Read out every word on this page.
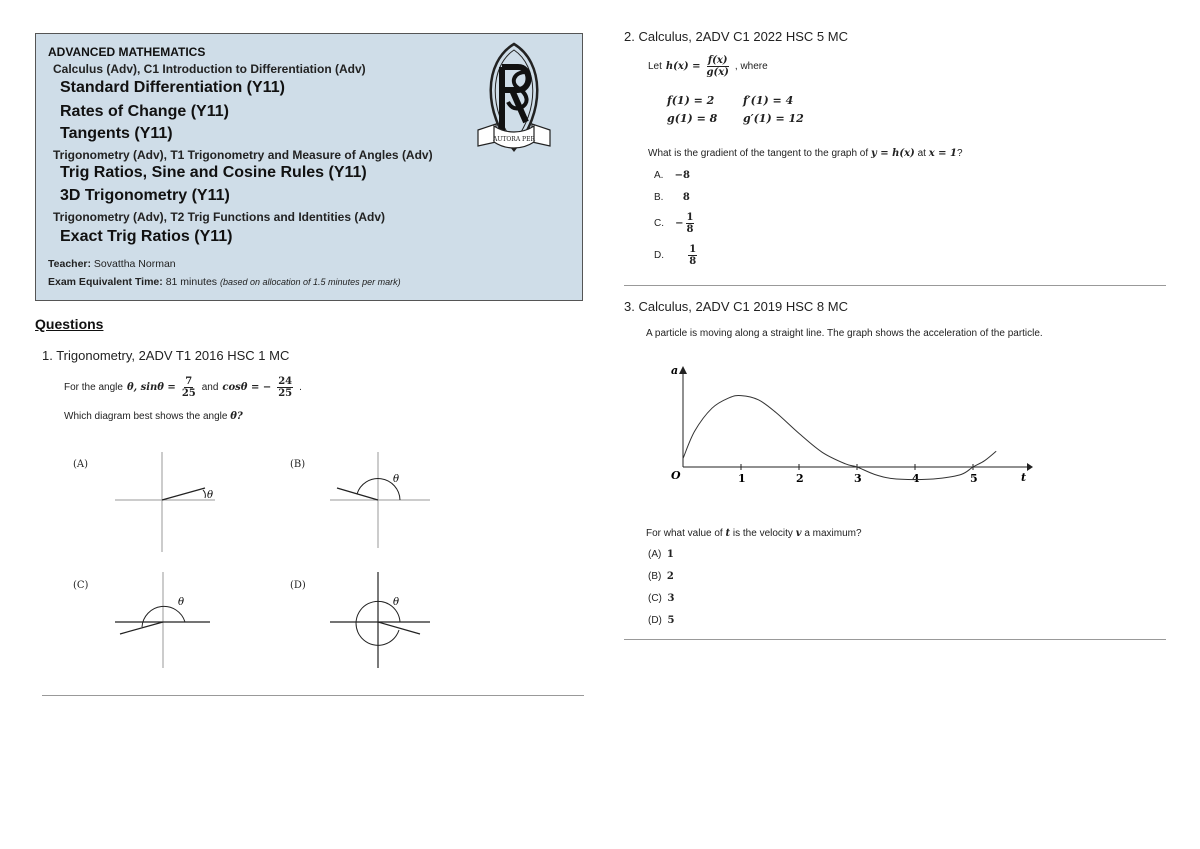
ADVANCED MATHEMATICS
Calculus (Adv), C1 Introduction to Differentiation (Adv)
Standard Differentiation (Y11)
Rates of Change (Y11)
Tangents (Y11)
Trigonometry (Adv), T1 Trigonometry and Measure of Angles (Adv)
Trig Ratios, Sine and Cosine Rules (Y11)
3D Trigonometry (Y11)
Trigonometry (Adv), T2 Trig Functions and Identities (Adv)
Exact Trig Ratios (Y11)
Teacher: Sovattha Norman
Exam Equivalent Time: 81 minutes (based on allocation of 1.5 minutes per mark)
AUTORA PER
Questions
1. Trigonometry, 2ADV T1 2016 HSC 1 MC
For the angle θ, $\sin\theta = \frac{7}{25}$ and cosθ = − $\frac{24}{25}$ .
Which diagram best shows the angle θ?
(A)
θ
(B)
θ
(C)
θ
(D)
θ
2. Calculus, 2ADV C1 2022 HSC 5 MC
Let $h(x) = \frac{f(x)}{g(x)}$ , where
f(1) = 2	f′(1) = 4
g(1) = 8 g′(1) = 12
What is the gradient of the tangent to the graph of y = h(x) at x = 1?
A. −8
B. 8
C.
− $\frac{1}{8}$
D.
$\frac{1}{8}$
3. Calculus, 2ADV C1 2019 HSC 8 MC
A particle is moving along a straight line. The graph shows the acceleration of the particle.
a
t
O	1	2	3	4	5
For what value of t is the velocity v a maximum?
(A) 1
(B) 2
(C) 3
(D) 5
